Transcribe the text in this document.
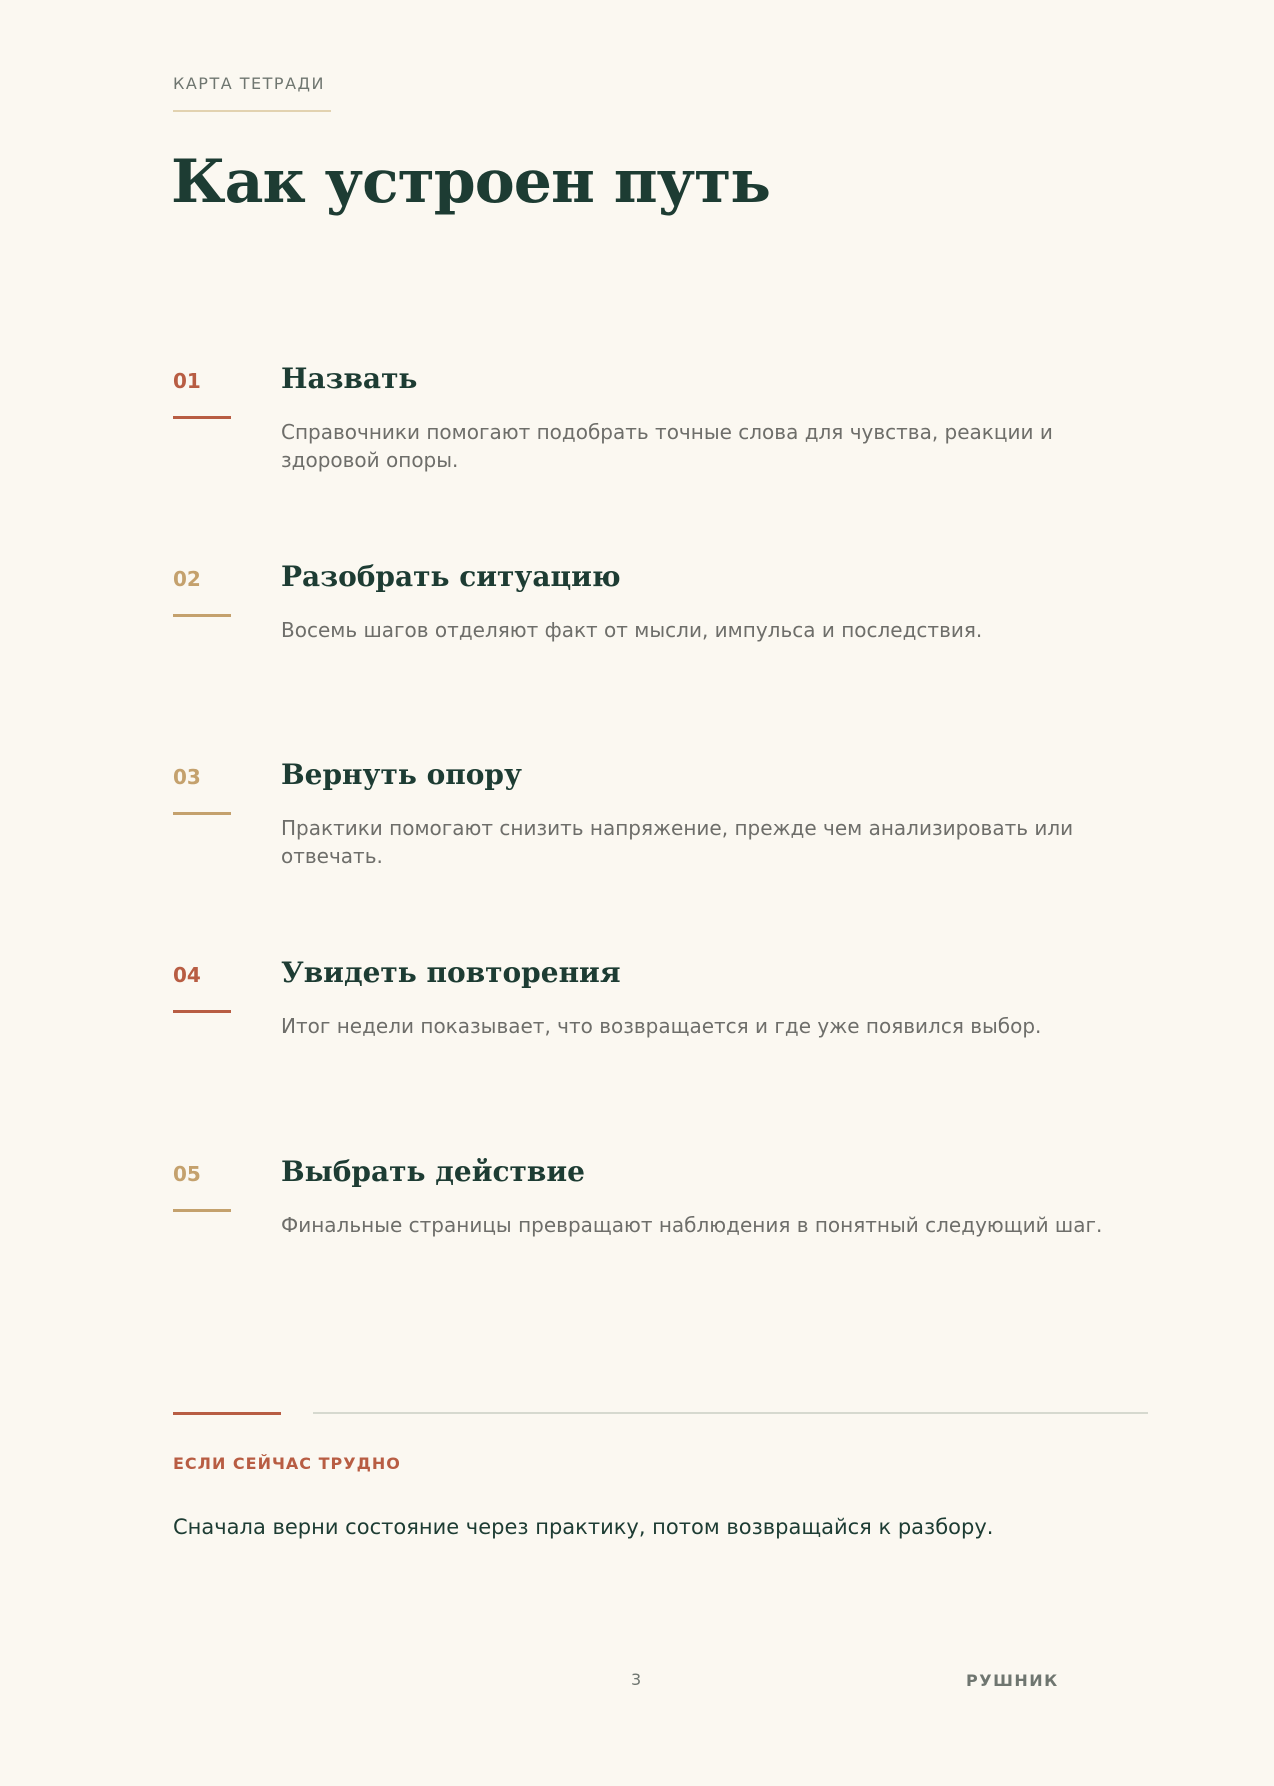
КАРТА ТЕТРАДИ
Как устроен путь
01	Назвать

Справочники помогают подобрать точные слова для чувства, реакции и здоровой опоры.

02	Разобрать ситуацию

Восемь шагов отделяют факт от мысли, импульса и последствия.

03	Вернуть опору

Практики помогают снизить напряжение, прежде чем анализировать или отвечать.

04	Увидеть повторения

Итог недели показывает, что возвращается и где уже появился выбор.

05	Выбрать действие

Финальные страницы превращают наблюдения в понятный следующий шаг.

ЕСЛИ СЕЙЧАС ТРУДНО

Сначала верни состояние через практику, потом возвращайся к разбору.

3	РУШНИК
